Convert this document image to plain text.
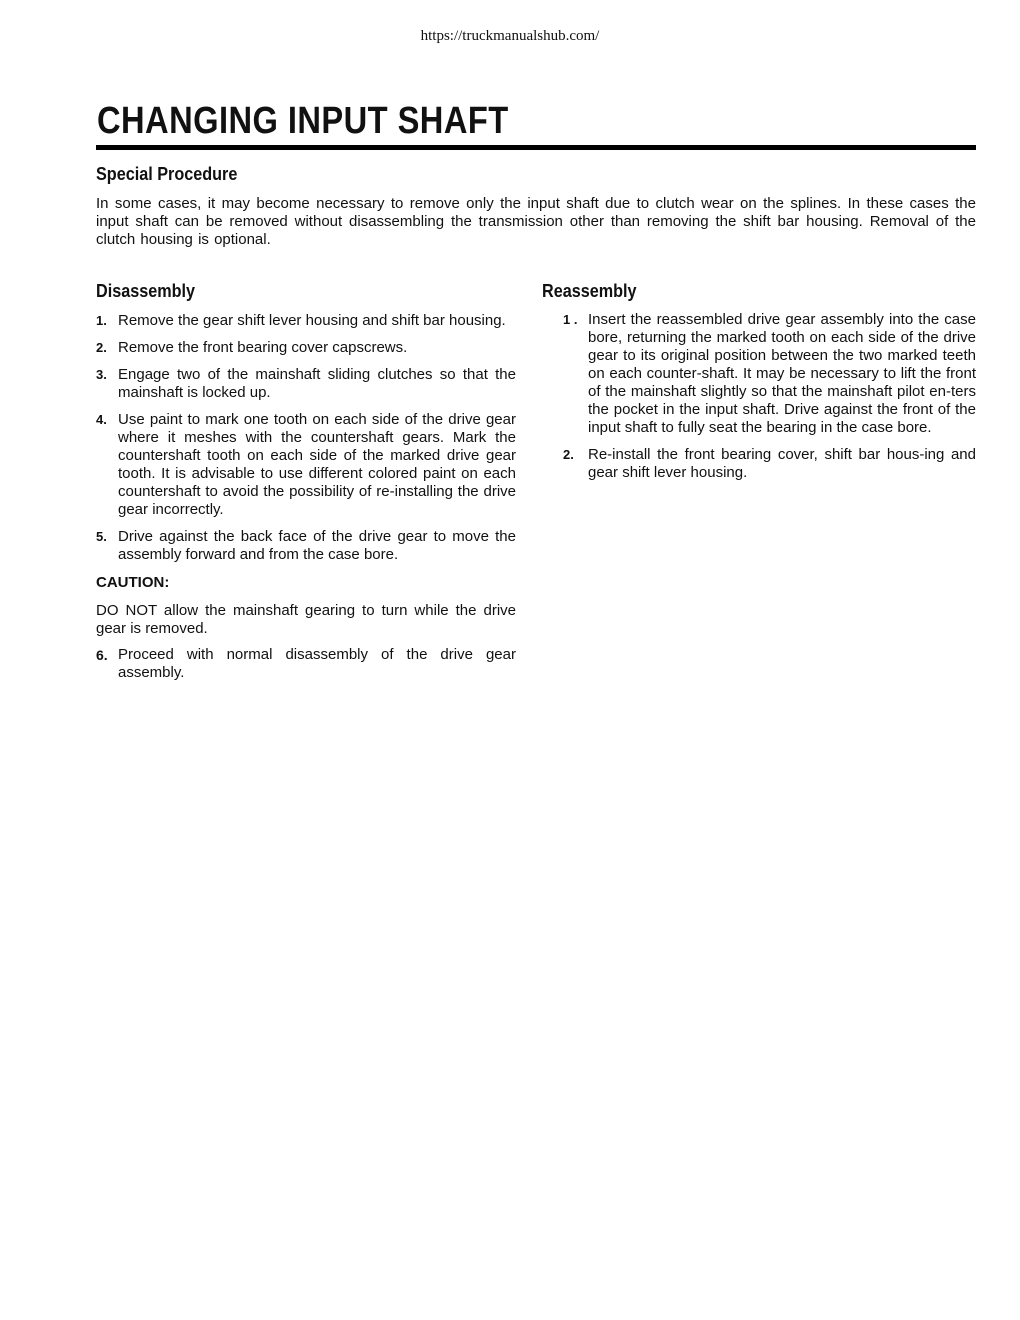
https://truckmanualshub.com/
CHANGING INPUT SHAFT
Special Procedure
In some cases, it may become necessary to remove only the input shaft due to clutch wear on the splines. In these cases the input shaft can be removed without disassembling the transmission other than removing the shift bar housing. Removal of the clutch housing is optional.
Disassembly
1. Remove the gear shift lever housing and shift bar housing.
2. Remove the front bearing cover capscrews.
3. Engage two of the mainshaft sliding clutches so that the mainshaft is locked up.
4. Use paint to mark one tooth on each side of the drive gear where it meshes with the countershaft gears. Mark the countershaft tooth on each side of the marked drive gear tooth. It is advisable to use different colored paint on each countershaft to avoid the possibility of re-installing the drive gear incorrectly.
5. Drive against the back face of the drive gear to move the assembly forward and from the case bore.
CAUTION:
DO NOT allow the mainshaft gearing to turn while the drive gear is removed.
6. Proceed with normal disassembly of the drive gear assembly.
Reassembly
1 . Insert the reassembled drive gear assembly into the case bore, returning the marked tooth on each side of the drive gear to its original position between the two marked teeth on each counter-shaft. It may be necessary to lift the front of the mainshaft slightly so that the mainshaft pilot en-ters the pocket in the input shaft. Drive against the front of the input shaft to fully seat the bearing in the case bore.
2. Re-install the front bearing cover, shift bar hous-ing and gear shift lever housing.
